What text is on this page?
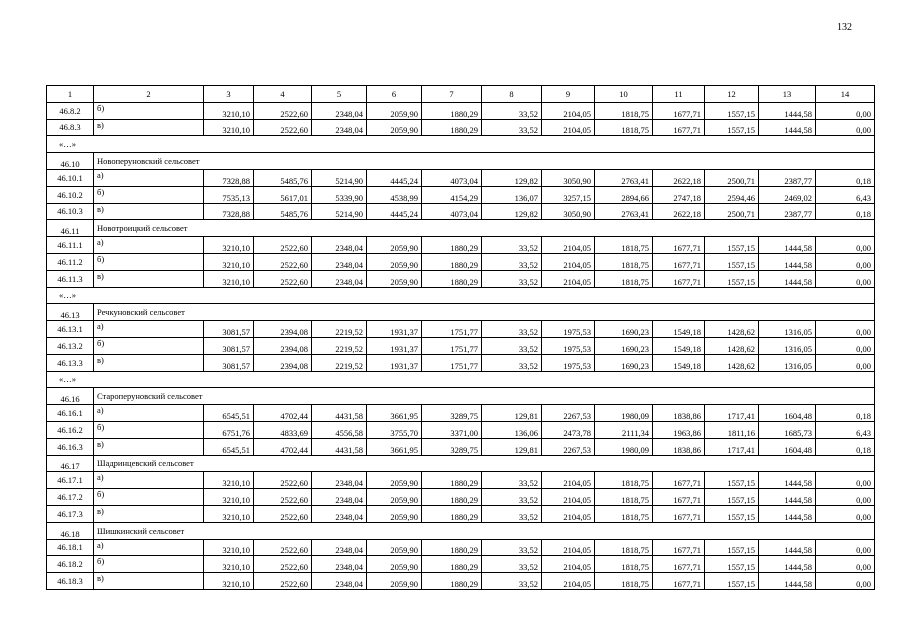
132
1	2	3	4	5	6	7	8	9	10	11	12	13	14
46.8.2	б)	3210,10	2522,60	2348,04	2059,90	1880,29	33,52	2104,05	1818,75	1677,71	1557,15	1444,58	0,00
46.8.3	в)	3210,10	2522,60	2348,04	2059,90	1880,29	33,52	2104,05	1818,75	1677,71	1557,15	1444,58	0,00
«…»													
46.10	Новоперуновский сельсовет												
46.10.1	а)	7328,88	5485,76	5214,90	4445,24	4073,04	129,82	3050,90	2763,41	2622,18	2500,71	2387,77	0,18
46.10.2	б)	7535,13	5617,01	5339,90	4538,99	4154,29	136,07	3257,15	2894,66	2747,18	2594,46	2469,02	6,43
46.10.3	в)	7328,88	5485,76	5214,90	4445,24	4073,04	129,82	3050,90	2763,41	2622,18	2500,71	2387,77	0,18
46.11	Новотроицкий сельсовет												
46.11.1	а)	3210,10	2522,60	2348,04	2059,90	1880,29	33,52	2104,05	1818,75	1677,71	1557,15	1444,58	0,00
46.11.2	б)	3210,10	2522,60	2348,04	2059,90	1880,29	33,52	2104,05	1818,75	1677,71	1557,15	1444,58	0,00
46.11.3	в)	3210,10	2522,60	2348,04	2059,90	1880,29	33,52	2104,05	1818,75	1677,71	1557,15	1444,58	0,00
«…»													
46.13	Речкуновский сельсовет												
46.13.1	а)	3081,57	2394,08	2219,52	1931,37	1751,77	33,52	1975,53	1690,23	1549,18	1428,62	1316,05	0,00
46.13.2	б)	3081,57	2394,08	2219,52	1931,37	1751,77	33,52	1975,53	1690,23	1549,18	1428,62	1316,05	0,00
46.13.3	в)	3081,57	2394,08	2219,52	1931,37	1751,77	33,52	1975,53	1690,23	1549,18	1428,62	1316,05	0,00
«…»													
46.16	Староперуновский сельсовет												
46.16.1	а)	6545,51	4702,44	4431,58	3661,95	3289,75	129,81	2267,53	1980,09	1838,86	1717,41	1604,48	0,18
46.16.2	б)	6751,76	4833,69	4556,58	3755,70	3371,00	136,06	2473,78	2111,34	1963,86	1811,16	1685,73	6,43
46.16.3	в)	6545,51	4702,44	4431,58	3661,95	3289,75	129,81	2267,53	1980,09	1838,86	1717,41	1604,48	0,18
46.17	Шадринцевский сельсовет												
46.17.1	а)	3210,10	2522,60	2348,04	2059,90	1880,29	33,52	2104,05	1818,75	1677,71	1557,15	1444,58	0,00
46.17.2	б)	3210,10	2522,60	2348,04	2059,90	1880,29	33,52	2104,05	1818,75	1677,71	1557,15	1444,58	0,00
46.17.3	в)	3210,10	2522,60	2348,04	2059,90	1880,29	33,52	2104,05	1818,75	1677,71	1557,15	1444,58	0,00
46.18	Шишкинский сельсовет												
46.18.1	а)	3210,10	2522,60	2348,04	2059,90	1880,29	33,52	2104,05	1818,75	1677,71	1557,15	1444,58	0,00
46.18.2	б)	3210,10	2522,60	2348,04	2059,90	1880,29	33,52	2104,05	1818,75	1677,71	1557,15	1444,58	0,00
46.18.3	в)	3210,10	2522,60	2348,04	2059,90	1880,29	33,52	2104,05	1818,75	1677,71	1557,15	1444,58	0,00
